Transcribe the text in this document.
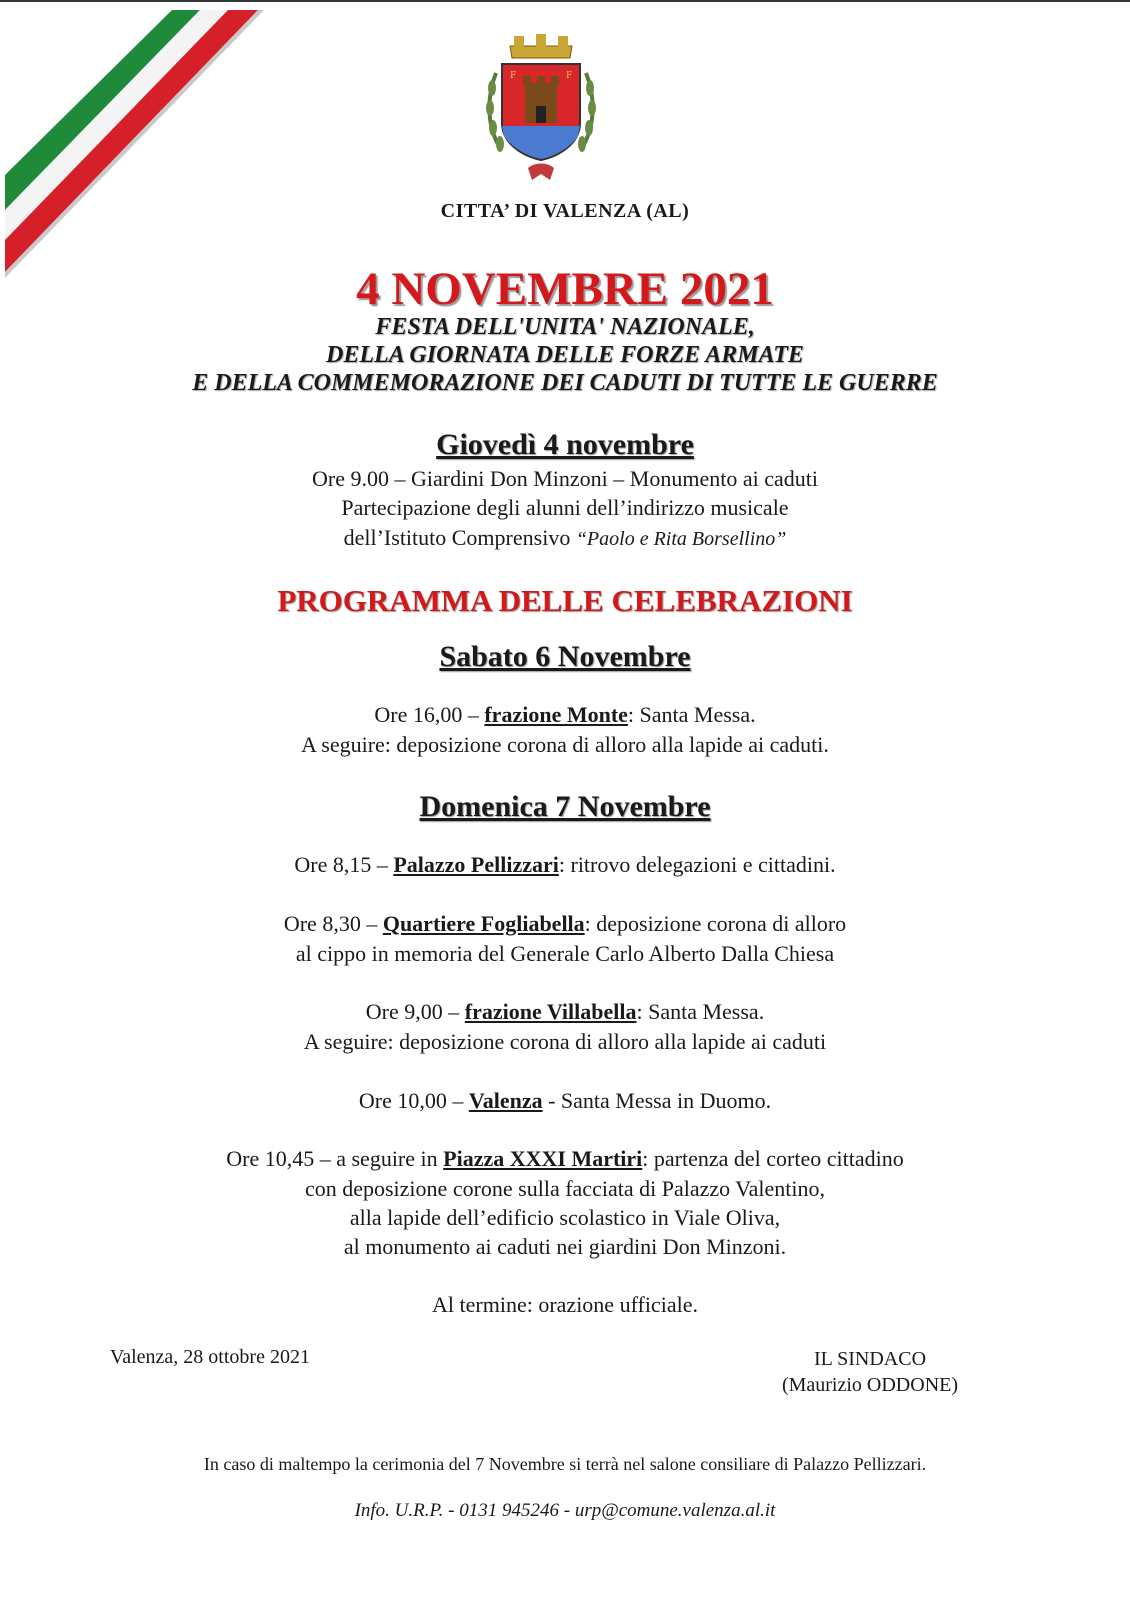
F	F
CITTA’ DI VALENZA (AL)
4 NOVEMBRE 2021
FESTA DELL'UNITA' NAZIONALE,
DELLA GIORNATA DELLE FORZE ARMATE
E DELLA COMMEMORAZIONE DEI CADUTI DI TUTTE LE GUERRE
Giovedì 4 novembre
Ore 9.00 – Giardini Don Minzoni – Monumento ai caduti
Partecipazione degli alunni dell’indirizzo musicale
dell’Istituto Comprensivo “Paolo e Rita Borsellino”
PROGRAMMA DELLE CELEBRAZIONI
Sabato 6 Novembre
Ore 16,00 – frazione Monte: Santa Messa.
A seguire: deposizione corona di alloro alla lapide ai caduti.
Domenica 7 Novembre
Ore 8,15 – Palazzo Pellizzari: ritrovo delegazioni e cittadini.
Ore 8,30 – Quartiere Fogliabella: deposizione corona di alloro
al cippo in memoria del Generale Carlo Alberto Dalla Chiesa
Ore 9,00 – frazione Villabella: Santa Messa.
A seguire: deposizione corona di alloro alla lapide ai caduti
Ore 10,00 – Valenza - Santa Messa in Duomo.
Ore 10,45 – a seguire in Piazza XXXI Martiri: partenza del corteo cittadino
con deposizione corone sulla facciata di Palazzo Valentino,
alla lapide dell’edificio scolastico in Viale Oliva,
al monumento ai caduti nei giardini Don Minzoni.
Al termine: orazione ufficiale.
Valenza, 28 ottobre 2021	IL SINDACO
(Maurizio ODDONE)
In caso di maltempo la cerimonia del 7 Novembre si terrà nel salone consiliare di Palazzo Pellizzari.
Info. U.R.P. - 0131 945246 - urp@comune.valenza.al.it
